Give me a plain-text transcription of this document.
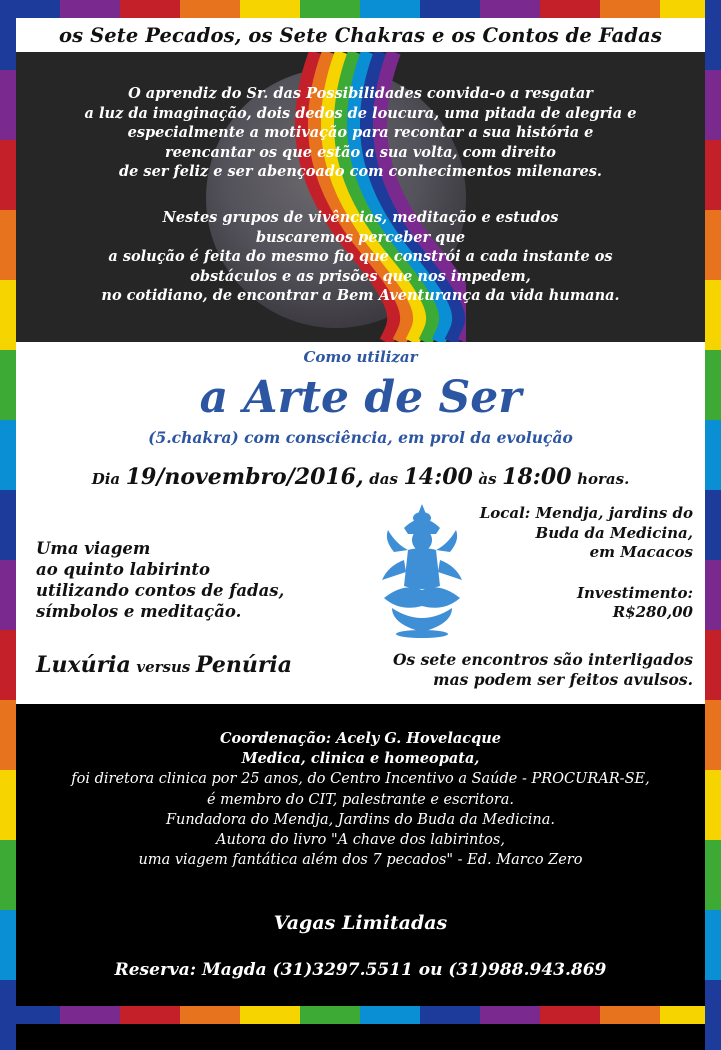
os Sete Pecados, os Sete Chakras e os Contos de Fadas
O aprendiz do Sr. das Possibilidades convida-o a resgatar
a luz da imaginação, dois dedos de loucura, uma pitada de alegria e
especialmente a motivação para recontar a sua história e
reencantar os que estão a sua volta, com direito
de ser feliz e ser abençoado com conhecimentos milenares.
Nestes grupos de vivências, meditação e estudos
buscaremos perceber que
a solução é feita do mesmo fio que constrói a cada instante os
obstáculos e as prisões que nos impedem,
no cotidiano, de encontrar a Bem Aventurança da vida humana.
Como utilizar
a Arte de Ser
(5.chakra) com consciência, em prol da evolução
Dia 19/novembro/2016, das 14:00 às 18:00 horas.
Uma viagem
ao quinto labirinto
utilizando contos de fadas,
símbolos e meditação.
Luxúria versus Penúria
Local: Mendja, jardins do
Buda da Medicina,
em Macacos
Investimento:
R$280,00
Os sete encontros são interligados
mas podem ser feitos avulsos.
Coordenação: Acely G. Hovelacque
Medica, clinica e homeopata,
foi diretora clinica por 25 anos, do Centro Incentivo a Saúde - PROCURAR-SE,
é membro do CIT, palestrante e escritora.
Fundadora do Mendja, Jardins do Buda da Medicina.
Autora do livro "A chave dos labirintos,
uma viagem fantática além dos 7 pecados" - Ed. Marco Zero
Vagas Limitadas
Reserva: Magda (31)3297.5511 ou (31)988.943.869
